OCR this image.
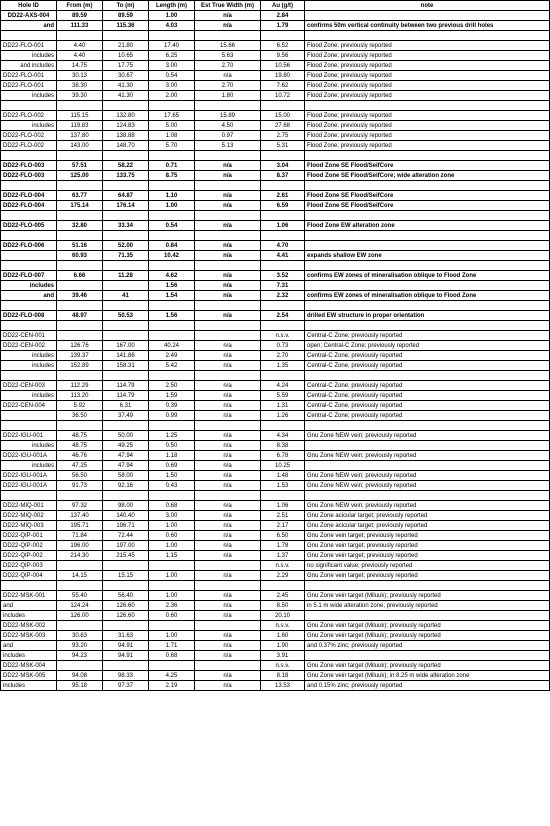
Hole ID	From (m)	To (m)	Length (m)	Est True Width (m)	Au (g/t)	note
DD22-AXS-004	89.59	89.59	1.00	n/a	2.84	
and	111.33	115.36	4.03	n/a	1.79	confirms 50m vertical continuity between two previous drill holes

DD22-FLO-001	4.40	21.80	17.40	15.66	6.52	Flood Zone; previously reported
includes	4.40	10.65	6.25	5.63	9.56	Flood Zone; previously reported
and includes	14.75	17.75	3.00	2.70	10.56	Flood Zone; previously reported
DD22-FLO-001	30.13	30.67	0.54	n/a	19.80	Flood Zone; previously reported
DD22-FLO-001	38.30	41.30	3.00	2.70	7.62	Flood Zone; previously reported
includes	39.30	41.30	2.00	1.80	10.72	Flood Zone; previously reported

DD22-FLO-002	115.15	132.80	17.65	15.89	15.00	Flood Zone; previously reported
includes	119.83	124.83	5.00	4.50	27.68	Flood Zone; previously reported
DD22-FLO-002	137.80	138.88	1.08	0.97	2.75	Flood Zone; previously reported
DD22-FLO-002	143.00	148.70	5.70	5.13	5.31	Flood Zone; previously reported

DD22-FLO-003	57.51	58.22	0.71	n/a	3.04	Flood Zone SE Flood/SeifCore
DD22-FLO-003	125.00	133.75	8.75	n/a	8.37	Flood Zone SE Flood/SeifCore; wide alteration zone

DD22-FLO-004	63.77	64.87	1.10	n/a	2.61	Flood Zone SE Flood/SeifCore
DD22-FLO-004	175.14	176.14	1.00	n/a	6.59	Flood Zone SE Flood/SeifCore

DD22-FLO-005	32.80	33.34	0.54	n/a	1.06	Flood Zone EW alteration zone

DD22-FLO-006	51.16	52.00	0.84	n/a	4.70	
	60.93	71.35	10.42	n/a	4.41	expands shallow EW zone

DD22-FLO-007	6.66	11.28	4.62	n/a	3.52	confirms EW zones of mineralisation oblique to Flood Zone
includes			1.56	n/a	7.31	
and	39.46	41	1.54	n/a	2.32	confirms EW zones of mineralisation oblique to Flood Zone

DD22-FLO-008	48.97	50.53	1.56	n/a	2.54	drilled EW structure in proper orientation

DD22-CEN-001					n.s.v.	Central-C Zone; previously reported
DD22-CEN-002	126.76	167.00	40.24	n/a	0.73	open; Central-C Zone; previously reported
includes	139.37	141.86	2.49	n/a	2.70	Central-C Zone; previously reported
includes	152.89	158.31	5.42	n/a	1.35	Central-C Zone; previously reported

DD22-CEN-003	112.29	114.79	2.50	n/a	4.24	Central-C Zone; previously reported
includes	113.20	114.79	1.59	n/a	5.59	Central-C Zone; previously reported
DD22-CEN-004	5.92	6.31	0.39	n/a	1.31	Central-C Zone; previously reported
	36.50	37.49	0.99	n/a	1.26	Central-C Zone; previously reported

DD22-IGU-001	48.75	50.00	1.25	n/a	4.34	Gnu Zone NEW vein; previously reported
includes	48.75	49.25	0.50	n/a	8.38	
DD22-IGU-001A	46.76	47.94	1.18	n/a	6.78	Gnu Zone NEW vein; previously reported
includes	47.25	47.94	0.69	n/a	10.25	
DD22-IGU-001A	56.50	58.00	1.50	n/a	1.48	Gnu Zone NEW vein; previously reported
DD22-IGU-001A	91.73	92.16	0.43	n/a	1.53	Gnu Zone NEW vein; previously reported

DD22-MIQ-001	97.32	98.00	0.68	n/a	1.06	Gnu Zone NEW vein; previously reported
DD22-MIQ-002	137.40	140.40	3.00	n/a	2.51	Gnu Zone acicular target; previously reported
DD22-MIQ-003	195.71	196.71	1.00	n/a	2.17	Gnu Zone acicular target; previously reported
DD22-QIP-001	71.84	72.44	0.60	n/a	6.50	Gnu Zone vein target; previously reported
DD22-QIP-002	196.00	197.00	1.00	n/a	1.78	Gnu Zone vein target; previously reported
DD22-QIP-002	214.30	215.45	1.15	n/a	1.37	Gnu Zone vein target; previously reported
DD22-QIP-003					n.s.v.	no significant value; previously reported
DD22-QIP-004	14.15	15.15	1.00	n/a	2.29	Gnu Zone vein target; previously reported

DD22-MSK-001	55.40	56.40	1.00	n/a	2.45	Gnu Zone vein target (Miluuk); previously reported
and	124.24	126.60	2.36	n/a	8.50	in 5.1 m wide alteration zone; previously reported
includes	126.00	126.60	0.60	n/a	20.10	
DD22-MSK-002					n.s.v.	Gnu Zone vein target (Miluuk); previously reported
DD22-MSK-003	30.63	31.63	1.00	n/a	1.60	Gnu Zone vein target (Miluuk); previously reported
and	93.20	94.91	1.71	n/a	1.90	and 0.37% zinc; previously reported
includes	94.23	94.91	0.68	n/a	3.91	
DD22-MSK-004					n.s.v.	Gnu Zone vein target (Miluuk); previously reported
DD22-MSK-005	94.08	98.33	4.25	n/a	8.18	Gnu Zone vein target (Miluuk); in 8.25 m wide alteration zone
includes	95.18	97.37	2.19	n/a	13.53	and 0.15% zinc; previously reported
